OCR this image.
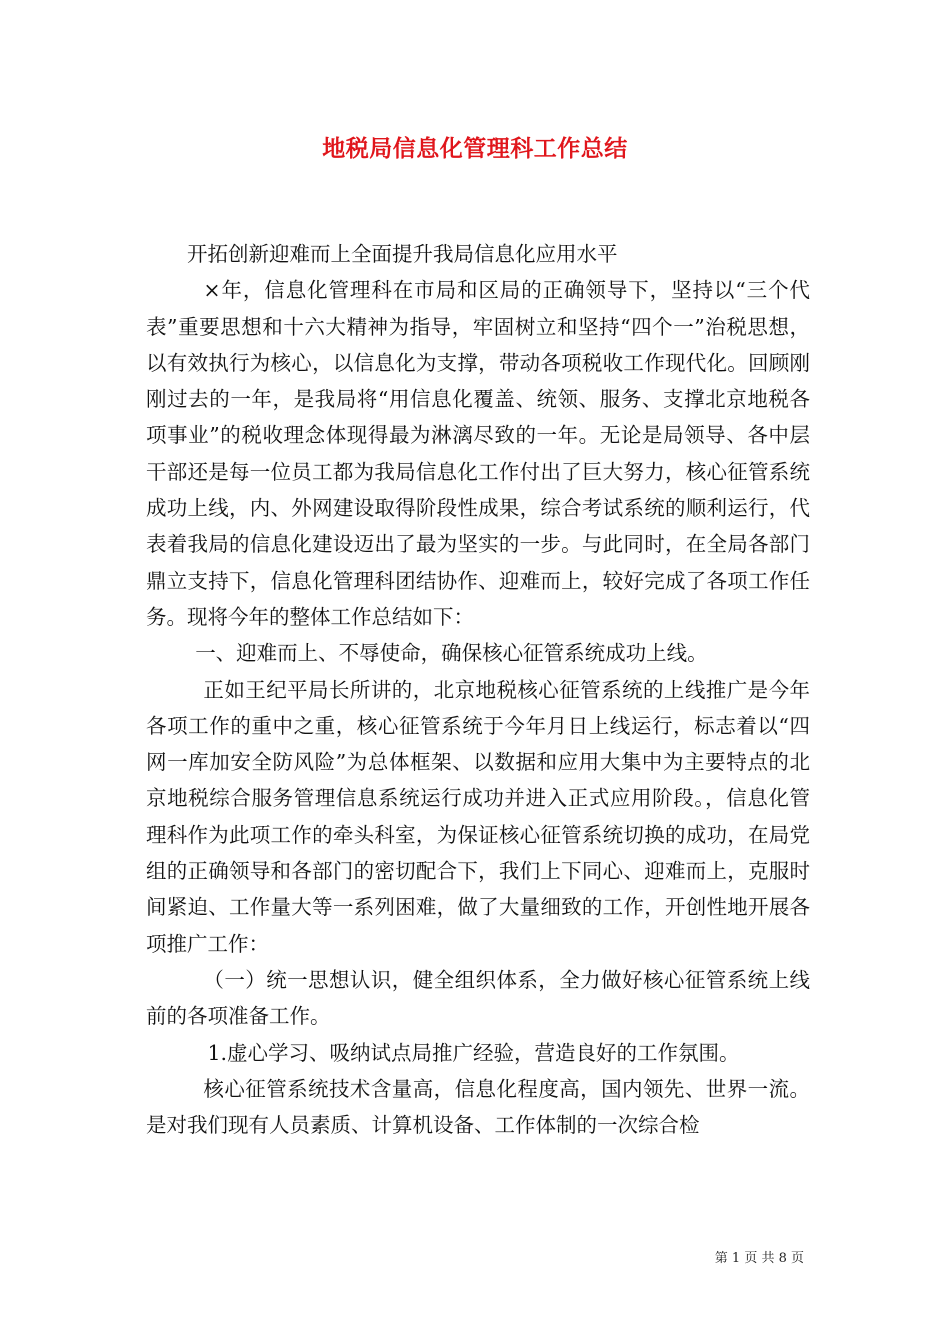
地税局信息化管理科工作总结

开拓创新迎难而上全面提升我局信息化应用水平

×年，信息化管理科在市局和区局的正确领导下，坚持以“三个代表”重要思想和十六大精神为指导，牢固树立和坚持“四个一”治税思想，以有效执行为核心，以信息化为支撑，带动各项税收工作现代化。回顾刚刚过去的一年，是我局将“用信息化覆盖、统领、服务、支撑北京地税各项事业”的税收理念体现得最为淋漓尽致的一年。无论是局领导、各中层干部还是每一位员工都为我局信息化工作付出了巨大努力，核心征管系统成功上线，内、外网建设取得阶段性成果，综合考试系统的顺利运行，代表着我局的信息化建设迈出了最为坚实的一步。与此同时，在全局各部门鼎立支持下，信息化管理科团结协作、迎难而上，较好完成了各项工作任务。现将今年的整体工作总结如下：

一、迎难而上、不辱使命，确保核心征管系统成功上线。

正如王纪平局长所讲的，北京地税核心征管系统的上线推广是今年各项工作的重中之重，核心征管系统于今年月日上线运行，标志着以“四网一库加安全防风险”为总体框架、以数据和应用大集中为主要特点的北京地税综合服务管理信息系统运行成功并进入正式应用阶段。，信息化管理科作为此项工作的牵头科室，为保证核心征管系统切换的成功，在局党组的正确领导和各部门的密切配合下，我们上下同心、迎难而上，克服时间紧迫、工作量大等一系列困难，做了大量细致的工作，开创性地开展各项推广工作：

（一）统一思想认识，健全组织体系，全力做好核心征管系统上线前的各项准备工作。

1.虚心学习、吸纳试点局推广经验，营造良好的工作氛围。

核心征管系统技术含量高，信息化程度高，国内领先、世界一流。是对我们现有人员素质、计算机设备、工作体制的一次综合检

第 1 页 共 8 页
